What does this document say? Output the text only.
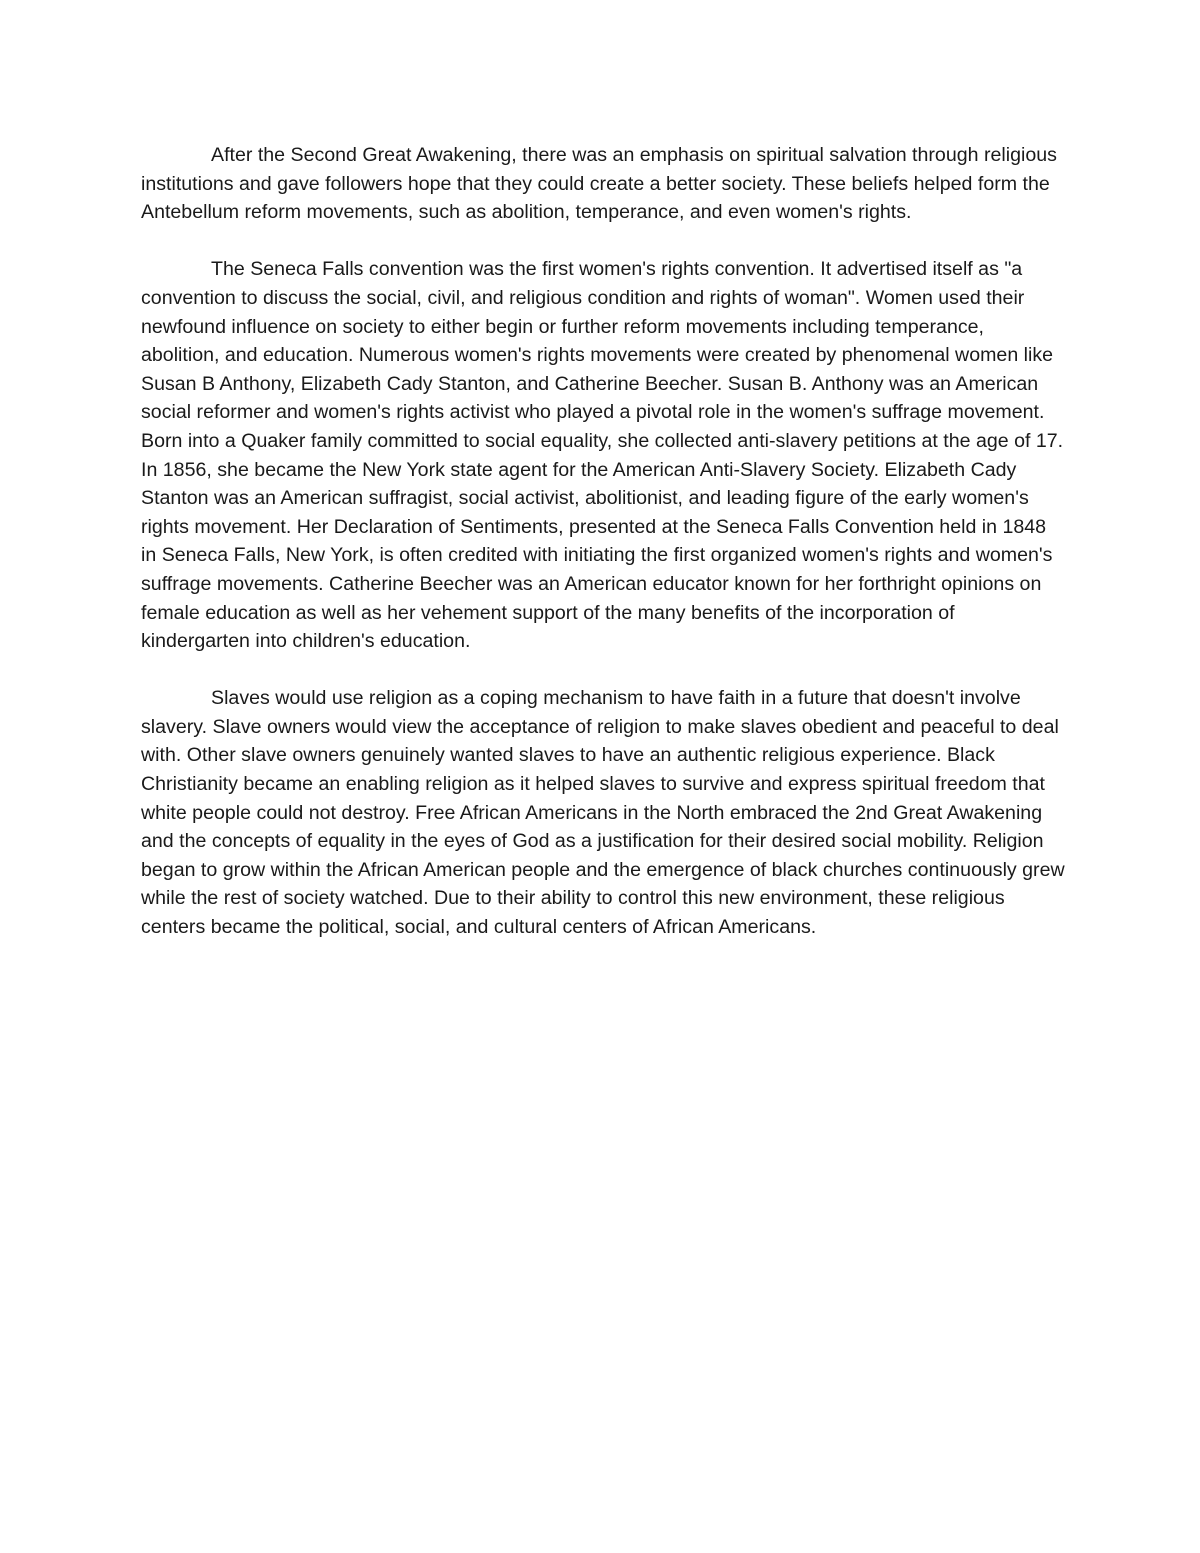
After the Second Great Awakening, there was an emphasis on spiritual salvation through religious institutions and gave followers hope that they could create a better society. These beliefs helped form the Antebellum reform movements, such as abolition, temperance, and even women's rights.

The Seneca Falls convention was the first women's rights convention. It advertised itself as "a convention to discuss the social, civil, and religious condition and rights of woman". Women used their newfound influence on society to either begin or further reform movements including temperance, abolition, and education. Numerous women's rights movements were created by phenomenal women like Susan B Anthony, Elizabeth Cady Stanton, and Catherine Beecher. Susan B. Anthony was an American social reformer and women's rights activist who played a pivotal role in the women's suffrage movement. Born into a Quaker family committed to social equality, she collected anti-slavery petitions at the age of 17. In 1856, she became the New York state agent for the American Anti-Slavery Society. Elizabeth Cady Stanton was an American suffragist, social activist, abolitionist, and leading figure of the early women's rights movement. Her Declaration of Sentiments, presented at the Seneca Falls Convention held in 1848 in Seneca Falls, New York, is often credited with initiating the first organized women's rights and women's suffrage movements. Catherine Beecher was an American educator known for her forthright opinions on female education as well as her vehement support of the many benefits of the incorporation of kindergarten into children's education.

Slaves would use religion as a coping mechanism to have faith in a future that doesn't involve slavery. Slave owners would view the acceptance of religion to make slaves obedient and peaceful to deal with. Other slave owners genuinely wanted slaves to have an authentic religious experience. Black Christianity became an enabling religion as it helped slaves to survive and express spiritual freedom that white people could not destroy. Free African Americans in the North embraced the 2nd Great Awakening and the concepts of equality in the eyes of God as a justification for their desired social mobility. Religion began to grow within the African American people and the emergence of black churches continuously grew while the rest of society watched. Due to their ability to control this new environment, these religious centers became the political, social, and cultural centers of African Americans.
